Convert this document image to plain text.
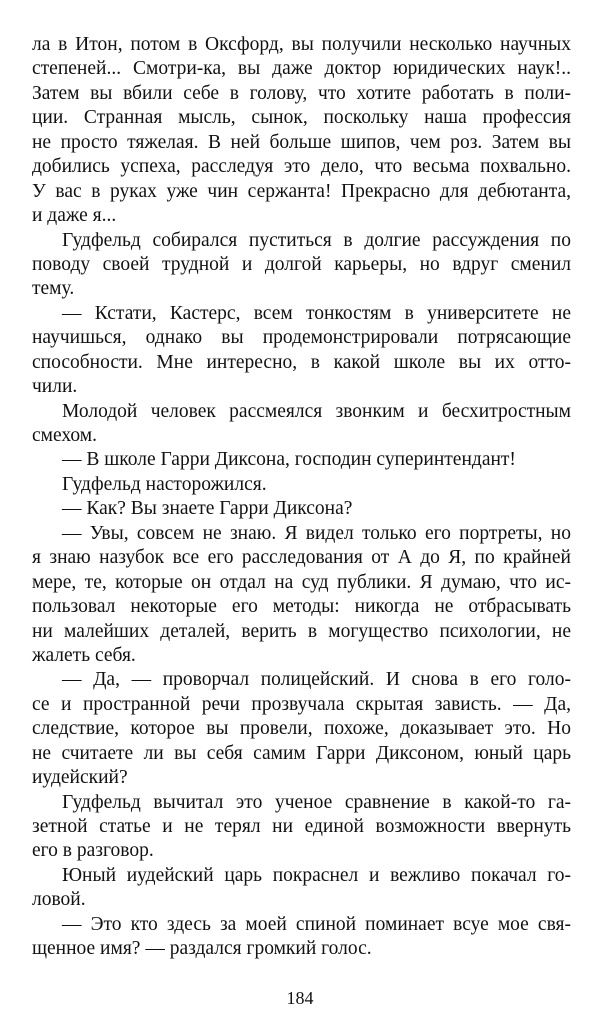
ла в Итон, потом в Оксфорд, вы получили несколько научных
степеней... Смотри-ка, вы даже доктор юридических наук!..
Затем вы вбили себе в голову, что хотите работать в поли-
ции. Странная мысль, сынок, поскольку наша профессия
не просто тяжелая. В ней больше шипов, чем роз. Затем вы
добились успеха, расследуя это дело, что весьма похвально.
У вас в руках уже чин сержанта! Прекрасно для дебютанта,
и даже я...
Гудфельд собирался пуститься в долгие рассуждения по
поводу своей трудной и долгой карьеры, но вдруг сменил
тему.
— Кстати, Кастерс, всем тонкостям в университете не
научишься, однако вы продемонстрировали потрясающие
способности. Мне интересно, в какой школе вы их отто-
чили.
Молодой человек рассмеялся звонким и бесхитростным
смехом.
— В школе Гарри Диксона, господин суперинтендант!
Гудфельд насторожился.
— Как? Вы знаете Гарри Диксона?
— Увы, совсем не знаю. Я видел только его портреты, но
я знаю назубок все его расследования от А до Я, по крайней
мере, те, которые он отдал на суд публики. Я думаю, что ис-
пользовал некоторые его методы: никогда не отбрасывать
ни малейших деталей, верить в могущество психологии, не
жалеть себя.
— Да, — проворчал полицейский. И снова в его голо-
се и пространной речи прозвучала скрытая зависть. — Да,
следствие, которое вы провели, похоже, доказывает это. Но
не считаете ли вы себя самим Гарри Диксоном, юный царь
иудейский?
Гудфельд вычитал это ученое сравнение в какой-то га-
зетной статье и не терял ни единой возможности ввернуть
его в разговор.
Юный иудейский царь покраснел и вежливо покачал го-
ловой.
— Это кто здесь за моей спиной поминает всуе мое свя-
щенное имя? — раздался громкий голос.
184
